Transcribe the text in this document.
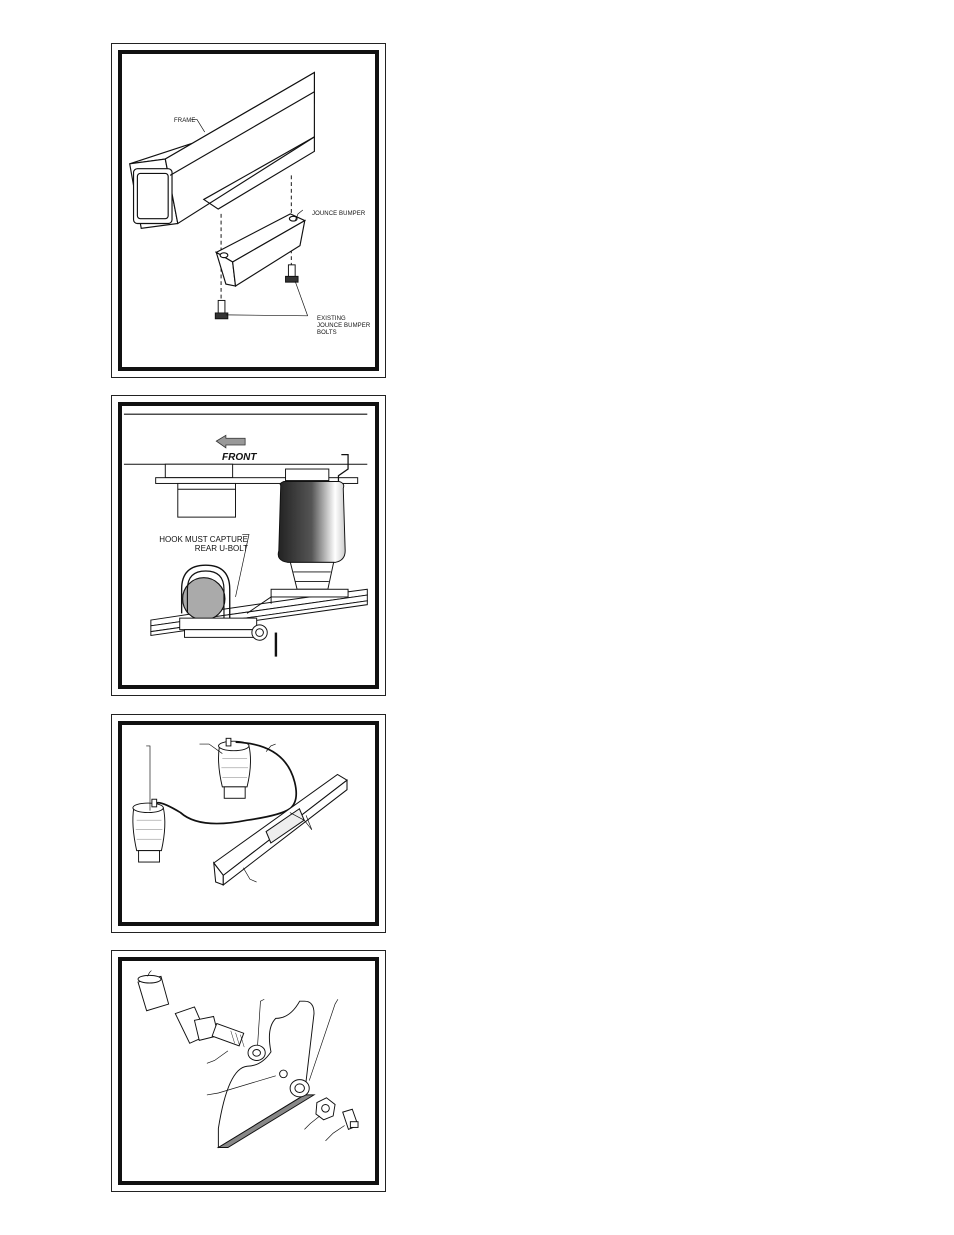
FRAME
JOUNCE BUMPER
EXISTING
JOUNCE BUMPER
BOLTS
FRONT
HOOK MUST CAPTURE
REAR U-BOLT
